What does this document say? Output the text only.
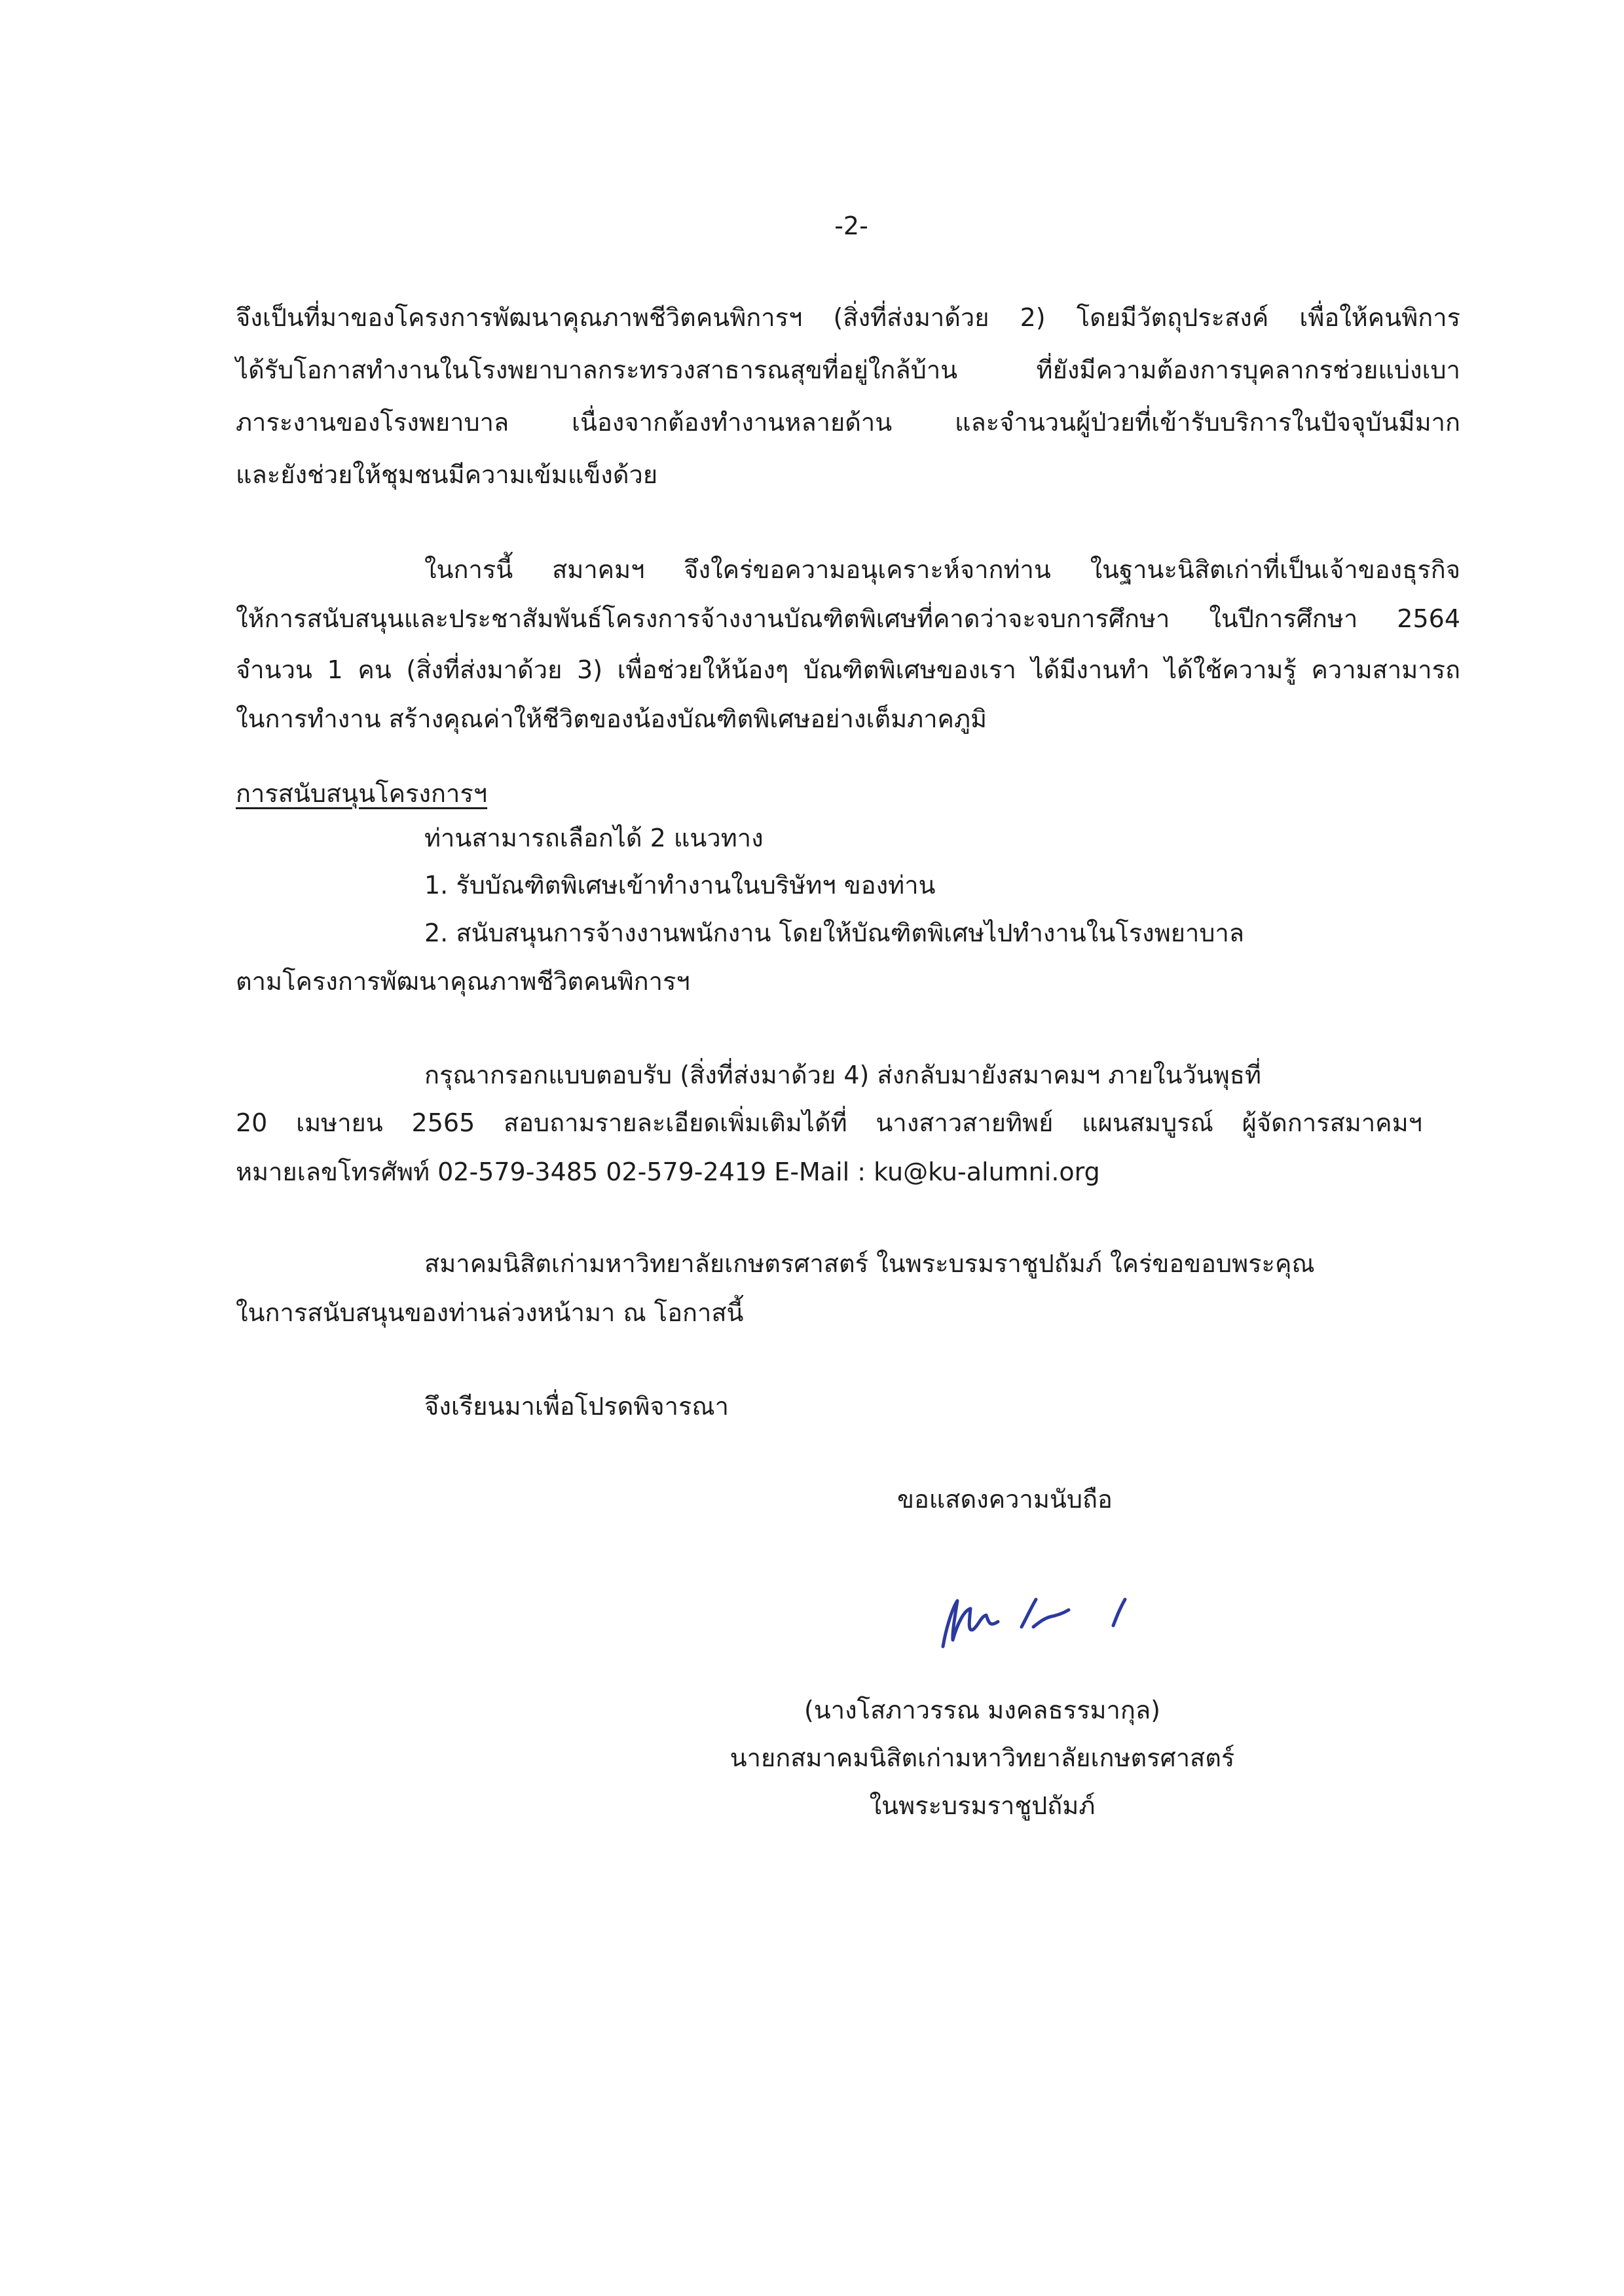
-2-
จึงเป็นที่มาของโครงการพัฒนาคุณภาพชีวิตคนพิการฯ (สิ่งที่ส่งมาด้วย 2) โดยมีวัตถุประสงค์ เพื่อให้คนพิการ
ได้รับโอกาสทำงานในโรงพยาบาลกระทรวงสาธารณสุขที่อยู่ใกล้บ้าน ที่ยังมีความต้องการบุคลากรช่วยแบ่งเบา
ภาระงานของโรงพยาบาล เนื่องจากต้องทำงานหลายด้าน และจำนวนผู้ป่วยที่เข้ารับบริการในปัจจุบันมีมาก
และยังช่วยให้ชุมชนมีความเข้มแข็งด้วย
ในการนี้ สมาคมฯ จึงใคร่ขอความอนุเคราะห์จากท่าน ในฐานะนิสิตเก่าที่เป็นเจ้าของธุรกิจ
ให้การสนับสนุนและประชาสัมพันธ์โครงการจ้างงานบัณฑิตพิเศษที่คาดว่าจะจบการศึกษา ในปีการศึกษา 2564
จำนวน 1 คน (สิ่งที่ส่งมาด้วย 3) เพื่อช่วยให้น้องๆ บัณฑิตพิเศษของเรา ได้มีงานทำ ได้ใช้ความรู้ ความสามารถ
ในการทำงาน สร้างคุณค่าให้ชีวิตของน้องบัณฑิตพิเศษอย่างเต็มภาคภูมิ
การสนับสนุนโครงการฯ
ท่านสามารถเลือกได้ 2 แนวทาง
1. รับบัณฑิตพิเศษเข้าทำงานในบริษัทฯ ของท่าน
2. สนับสนุนการจ้างงานพนักงาน โดยให้บัณฑิตพิเศษไปทำงานในโรงพยาบาล
ตามโครงการพัฒนาคุณภาพชีวิตคนพิการฯ
กรุณากรอกแบบตอบรับ (สิ่งที่ส่งมาด้วย 4) ส่งกลับมายังสมาคมฯ ภายในวันพุธที่
20 เมษายน 2565 สอบถามรายละเอียดเพิ่มเติมได้ที่ นางสาวสายทิพย์ แผนสมบูรณ์ ผู้จัดการสมาคมฯ
หมายเลขโทรศัพท์ 02-579-3485 02-579-2419 E-Mail : ku@ku-alumni.org
สมาคมนิสิตเก่ามหาวิทยาลัยเกษตรศาสตร์ ในพระบรมราชูปถัมภ์ ใคร่ขอขอบพระคุณ
ในการสนับสนุนของท่านล่วงหน้ามา ณ โอกาสนี้
จึงเรียนมาเพื่อโปรดพิจารณา
ขอแสดงความนับถือ
(นางโสภาวรรณ มงคลธรรมากุล)
นายกสมาคมนิสิตเก่ามหาวิทยาลัยเกษตรศาสตร์
ในพระบรมราชูปถัมภ์
